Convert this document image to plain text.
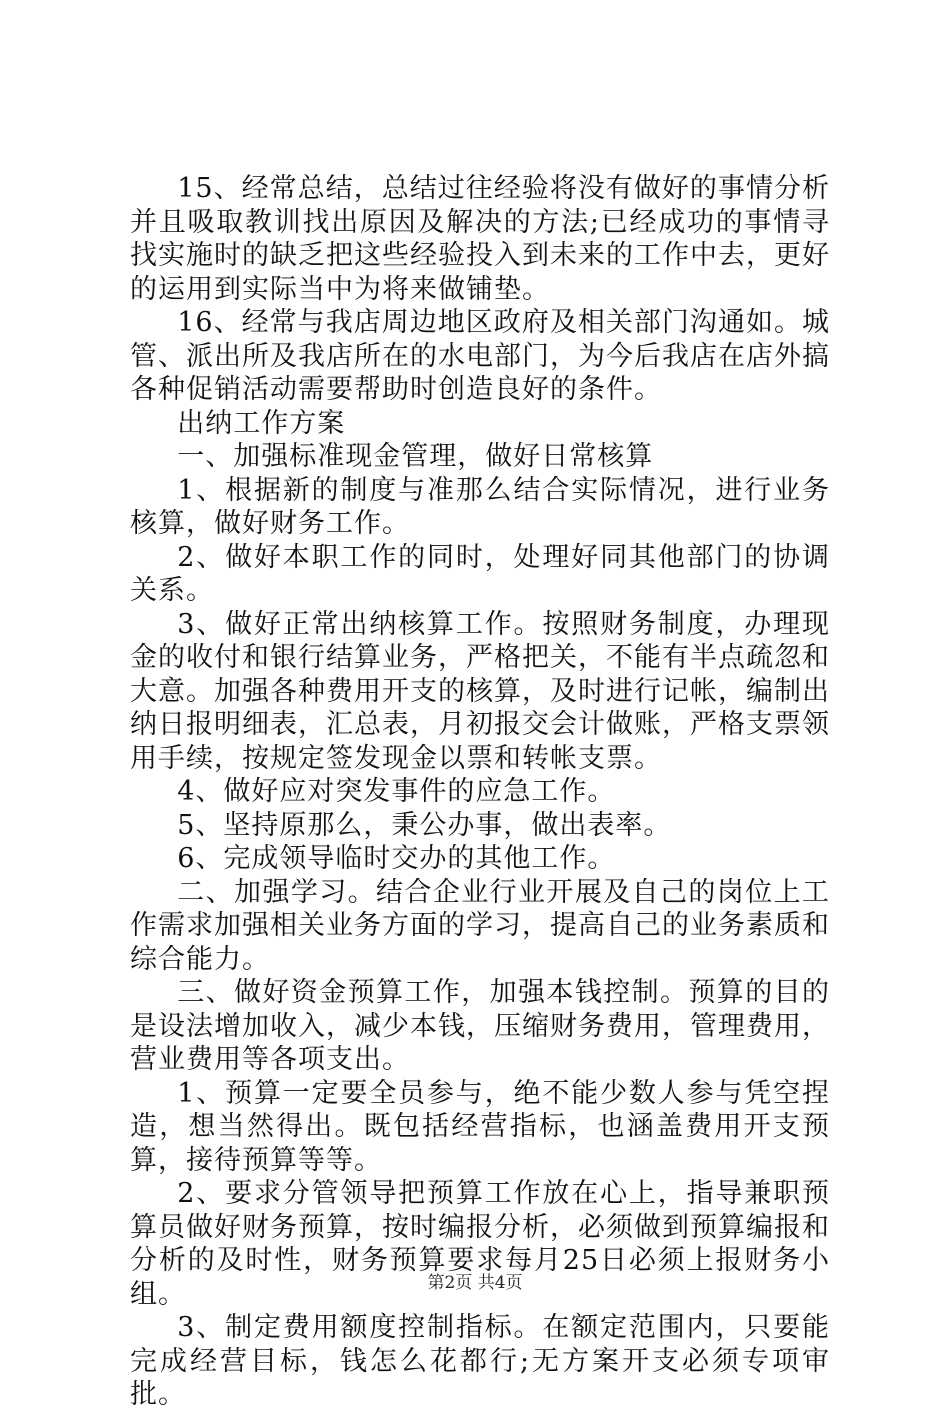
15、经常总结，总结过往经验将没有做好的事情分析并且吸取教训找出原因及解决的方法;已经成功的事情寻找实施时的缺乏把这些经验投入到未来的工作中去，更好的运用到实际当中为将来做铺垫。

16、经常与我店周边地区政府及相关部门沟通如。城管、派出所及我店所在的水电部门，为今后我店在店外搞各种促销活动需要帮助时创造良好的条件。

出纳工作方案

一、加强标准现金管理，做好日常核算

1、根据新的制度与准那么结合实际情况，进行业务核算，做好财务工作。

2、做好本职工作的同时，处理好同其他部门的协调关系。

3、做好正常出纳核算工作。按照财务制度，办理现金的收付和银行结算业务，严格把关，不能有半点疏忽和大意。加强各种费用开支的核算，及时进行记帐，编制出纳日报明细表，汇总表，月初报交会计做账，严格支票领用手续，按规定签发现金以票和转帐支票。

4、做好应对突发事件的应急工作。

5、坚持原那么，秉公办事，做出表率。

6、完成领导临时交办的其他工作。

二、加强学习。结合企业行业开展及自己的岗位上工作需求加强相关业务方面的学习，提高自己的业务素质和综合能力。

三、做好资金预算工作，加强本钱控制。预算的目的是设法增加收入，减少本钱，压缩财务费用，管理费用，营业费用等各项支出。

1、预算一定要全员参与，绝不能少数人参与凭空捏造，想当然得出。既包括经营指标，也涵盖费用开支预算，接待预算等等。

2、要求分管领导把预算工作放在心上，指导兼职预算员做好财务预算，按时编报分析，必须做到预算编报和分析的及时性，财务预算要求每月25日必须上报财务小组。

3、制定费用额度控制指标。在额定范围内，只要能完成经营目标，钱怎么花都行;无方案开支必须专项审批。

第2页 共4页
